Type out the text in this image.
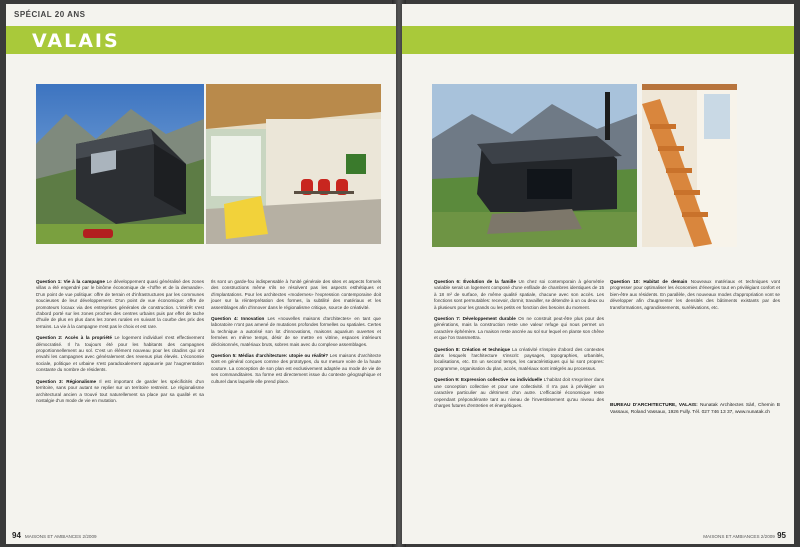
SPÉCIAL 20 ANS
VALAIS

Question 1: Vie à la campagne Le développement quasi généralisé des zones villas a été engendré par le binôme économique de «l'offre et de la demande». D'un point de vue politique: offre de terrain et d'infrastructures par les communes soucieuses de leur développement. D'un point de vue économique: offre de promoteurs locaux via des entreprises générales de construction. L'intérêt s'est d'abord porté sur les zones proches des centres urbains puis par effet de tache d'huile de plus en plus dans les zones rurales en suivant la courbe des prix des terrains. La vie à la campagne n'est pas le choix et est rare.

Question 2: Accès à la propriété Le logement individuel s'est effectivement démocratisé. Il l'a toujours été pour les habitants des campagnes proportionnellement au sol. C'est un élément nouveau pour les citadins qui ont envahi les campagnes avec généralement des revenus plus élevés. L'économie sociale, politique et urbaine s'est paradoxalement appauvrie par l'augmentation constante du nombre de résidents.

Question 3: Régionalisme Il est important de garder les spécificités d'un territoire, sans pour autant se replier sur un territoire restreint. Le régionalisme architectural ancien a trouvé tout naturellement sa place par sa qualité et sa nostalgie d'un mode de vie en mutation.

Ils sont un garde-fou indispensable à l'unité générale des sites et aspects formels des constructions même s'ils ne résolvent pas les aspects esthétiques et d'implantations. Pour les architectes «modernes» l'expression contemporaine doit jouer sur la réinterprétation des formes, la subtilité des matériaux et les assemblages afin d'innover dans le régionalisme critique, source de créativité.

Question 4: Innovation Les «nouvelles maisons d'architectes» en tant que laboratoire n'ont pas amené de mutations profondes formelles ou spatiales. Certes la technique a autorisé son lot d'innovations, maisons aquarium ouvertes et fermées en même temps, désir de se mettre en vitrine, espaces intérieurs décloisonnés, matériaux bruts, sobres mais avec du complexe assemblages.

Question 5: Médias d'architecture: utopie ou réalité? Les maisons d'architecte sont en général conçues comme des prototypes, du sur mesure voire de la haute couture. La conception de son plan est exclusivement adaptée au mode de vie de ses commanditaires. Sa forme est directement issue du contexte géographique et culturel dans laquelle elle prend place.

94 MAISONS ET AMBIANCES 2/2009

Question 6: Évolution de la famille Un chez soi contemporain à géométrie variable serait un logement composé d'une enfilade de chambres identiques de 15 à 18 m² de surface, de même qualité spatiale, chacune avec son accès. Les fonctions sont permutables: recevoir, dormir, travailler, se détendre à un ou deux ou à plusieurs pour les grands ou les petits en fonction des besoins du moment.

Question 7: Développement durable On ne construit peut-être plus pour des générations, mais la construction reste une valeur refuge qui nous permet un caractère éphémère. La maison reste ancrée au sol sur lequel en plante son chêne et que l'on transmettra.

Question 8: Création et technique La créativité s'inspire d'abord des contextes dans lesquels l'architecture s'inscrit: paysages, topographies, urbanités, localisations, etc. En un second temps, les caractéristiques qui lui sont propres: programme, organisation du plan, accès, matériaux sont intégrés au processus.

Question 9: Expression collective ou individuelle L'habitat doit s'exprimer dans une conception collective et pour une collectivité. Il n'a pas à privilégier un caractère particulier au détriment d'un autre. L'efficacité économique reste cependant prépondérante tant au niveau de l'investissement qu'au niveau des charges futures d'entretien et énergétiques.

Question 10: Habitat de demain Nouveaux matériaux et techniques vont progresser pour optimaliser les économies d'énergies tout en privilégiant confort et bien-être aux résidents. En parallèle, des nouveaux modes d'appropriation vont se développer afin d'augmenter les densités des bâtiments existants par des transformations, agrandissements, surélévations, etc.

BUREAU D'ARCHITECTURE, VALAIS: Nunatak Architectes Sàrl, Chemin B Vassaux, Roland Vassaux, 1926 Fully. Tél. 027 746 13 37, www.nunatak.ch
MAISONS ET AMBIANCES 2/2009 95
